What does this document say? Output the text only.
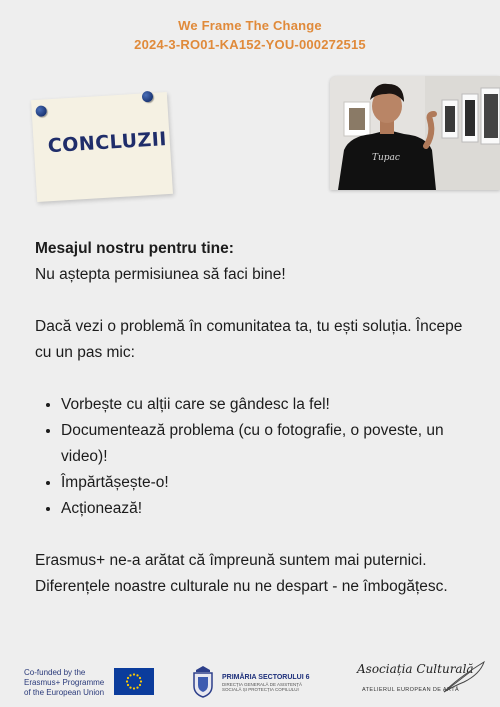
We Frame The Change
2024-3-RO01-KA152-YOU-000272515
CONCLUZII
Tupac

Mesajul nostru pentru tine:

Nu aștepta permisiunea să faci bine!

Dacă vezi o problemă în comunitatea ta, tu ești soluția. Începe cu un pas mic:

• Vorbește cu alții care se gândesc la fel!
• Documentează problema (cu o fotografie, o poveste, un video)!
• Împărtășește-o!
• Acționează!

Erasmus+ ne-a arătat că împreună suntem mai puternici. Diferențele noastre culturale nu ne despart - ne îmbogățesc.

Co-funded by the
Erasmus+ Programme
of the European Union
PRIMĂRIA SECTORULUI 6
DIRECȚIA GENERALĂ DE ASISTENȚĂ
SOCIALĂ ȘI PROTECȚIA COPILULUI
Asociația Culturală
ATELIERUL EUROPEAN DE ARTĂ
